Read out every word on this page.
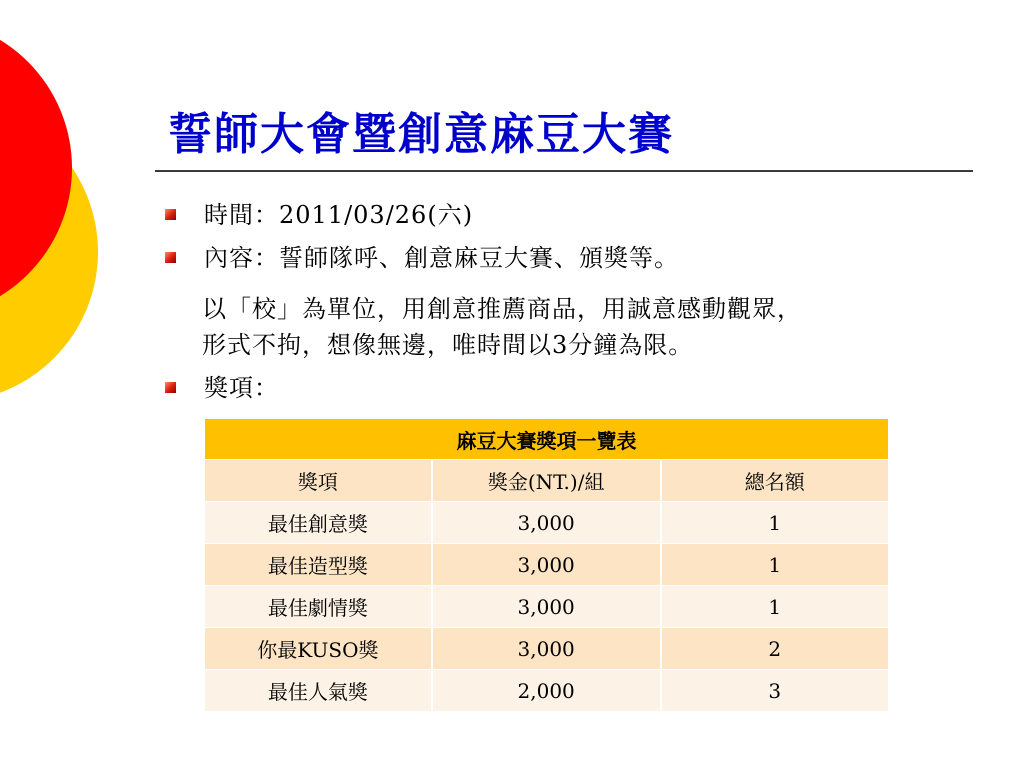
誓師大會暨創意麻豆大賽
時間：2011/03/26(六)
內容：誓師隊呼、創意麻豆大賽、頒獎等。
以「校」為單位，用創意推薦商品，用誠意感動觀眾，
形式不拘，想像無邊，唯時間以3分鐘為限。
獎項：
麻豆大賽獎項一覽表		
獎項	獎金(NT.)/組	總名額
最佳創意獎	3,000	1
最佳造型獎	3,000	1
最佳劇情獎	3,000	1
你最KUSO獎	3,000	2
最佳人氣獎	2,000	3
